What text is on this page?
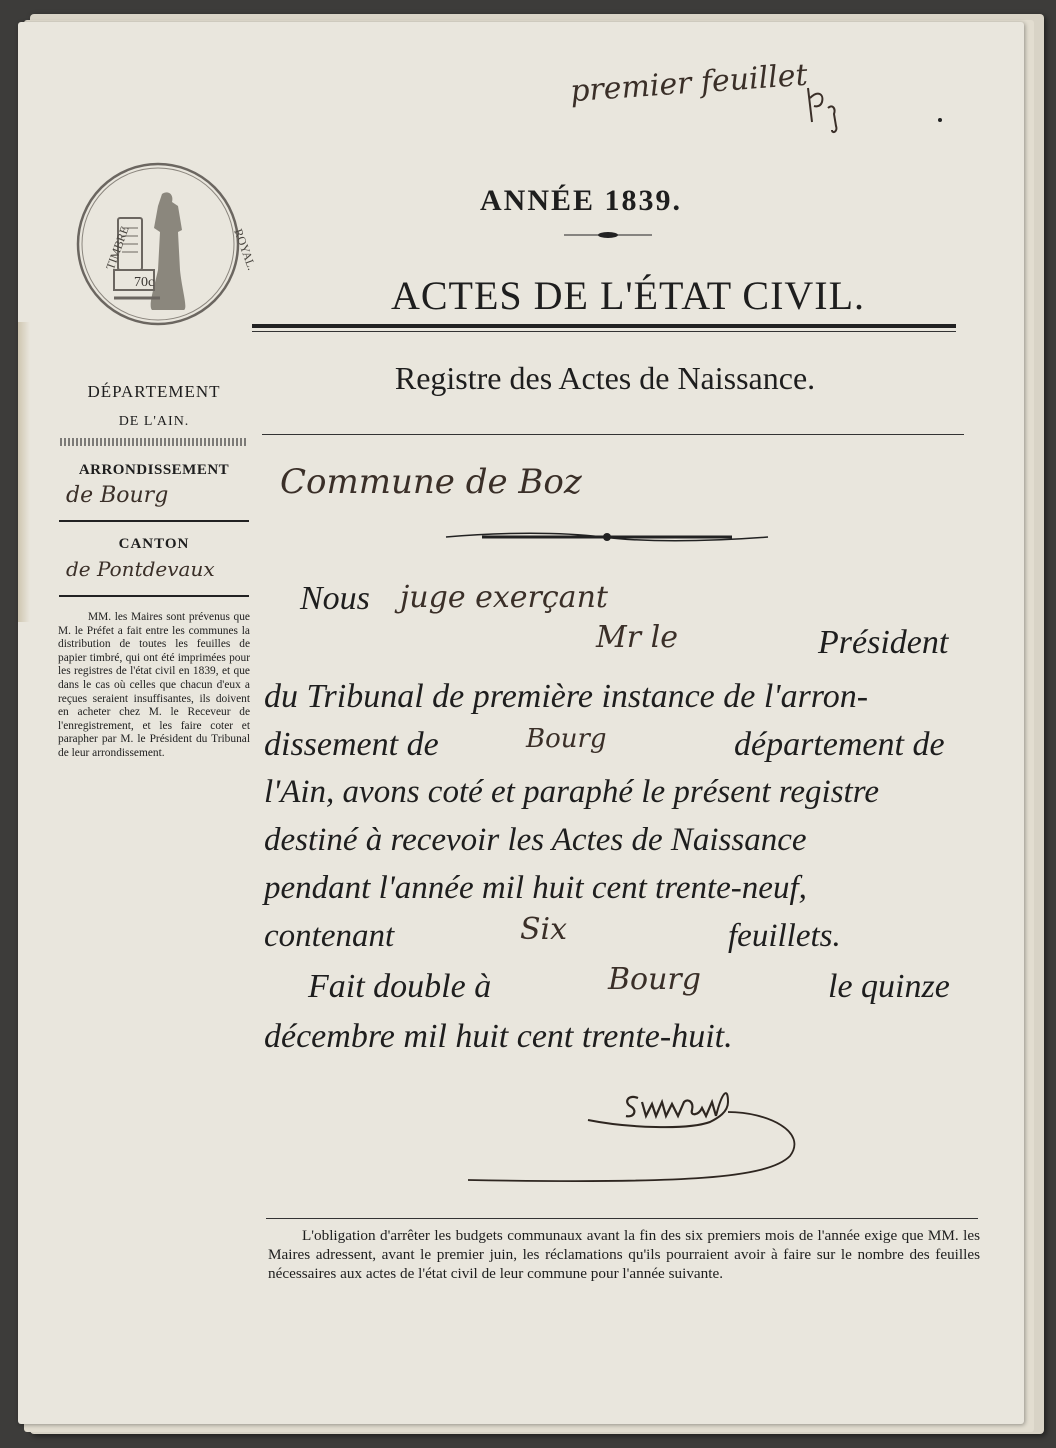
premier feuillet
70c
TIMBRE	ROYAL.
ANNÉE 1839.
ACTES DE L'ÉTAT CIVIL.
Registre des Actes de Naissance.
Commune de Boz
DÉPARTEMENT
DE L'AIN.
ARRONDISSEMENT
de Bourg
CANTON
de Pontdevaux
MM. les Maires sont prévenus que M. le Préfet a fait entre les communes la distribution de toutes les feuilles de papier timbré, qui ont été imprimées pour les registres de l'état civil en 1839, et que dans le cas où celles que chacun d'eux a reçues seraient insuffisantes, ils doivent en acheter chez M. le Receveur de l'enregistrement, et les faire coter et parapher par M. le Président du Tribunal de leur arrondissement.
Nous juge exerçant
Mr le	Président
du Tribunal de première instance de l'arron-
dissement de	Bourg	département de
l'Ain, avons coté et paraphé le présent registre
destiné à recevoir les Actes de Naissance
pendant l'année mil huit cent trente-neuf,
contenant	Six	feuillets.
Fait double à	Bourg	le quinze
décembre mil huit cent trente-huit.
Suivon
L'obligation d'arrêter les budgets communaux avant la fin des six premiers mois de l'année exige que MM. les Maires adressent, avant le premier juin, les réclamations qu'ils pourraient avoir à faire sur le nombre des feuilles nécessaires aux actes de l'état civil de leur commune pour l'année suivante.
